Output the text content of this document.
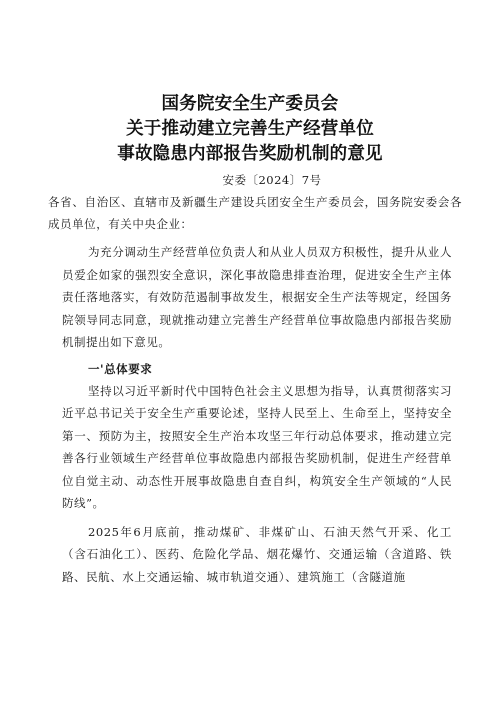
国务院安全生产委员会
关于推动建立完善生产经营单位
事故隐患内部报告奖励机制的意见
安委〔2024〕7号
各省、自治区、直辖市及新疆生产建设兵团安全生产委员会，国务院安委会各成员单位，有关中央企业：

为充分调动生产经营单位负责人和从业人员双方积极性，提升从业人员爱企如家的强烈安全意识，深化事故隐患排查治理，促进安全生产主体责任落地落实，有效防范遏制事故发生，根据安全生产法等规定，经国务院领导同志同意，现就推动建立完善生产经营单位事故隐患内部报告奖励机制提出如下意见。

一'总体要求

坚持以习近平新时代中国特色社会主义思想为指导，认真贯彻落实习近平总书记关于安全生产重要论述，坚持人民至上、生命至上，坚持安全第一、预防为主，按照安全生产治本攻坚三年行动总体要求，推动建立完善各行业领域生产经营单位事故隐患内部报告奖励机制，促进生产经营单位自觉主动、动态性开展事故隐患自查自纠，构筑安全生产领域的“人民防线”。

2025年6月底前，推动煤矿、非煤矿山、石油天然气开采、化工（含石油化工）、医药、危险化学品、烟花爆竹、交通运输（含道路、铁路、民航、水上交通运输、城市轨道交通）、建筑施工（含隧道施
